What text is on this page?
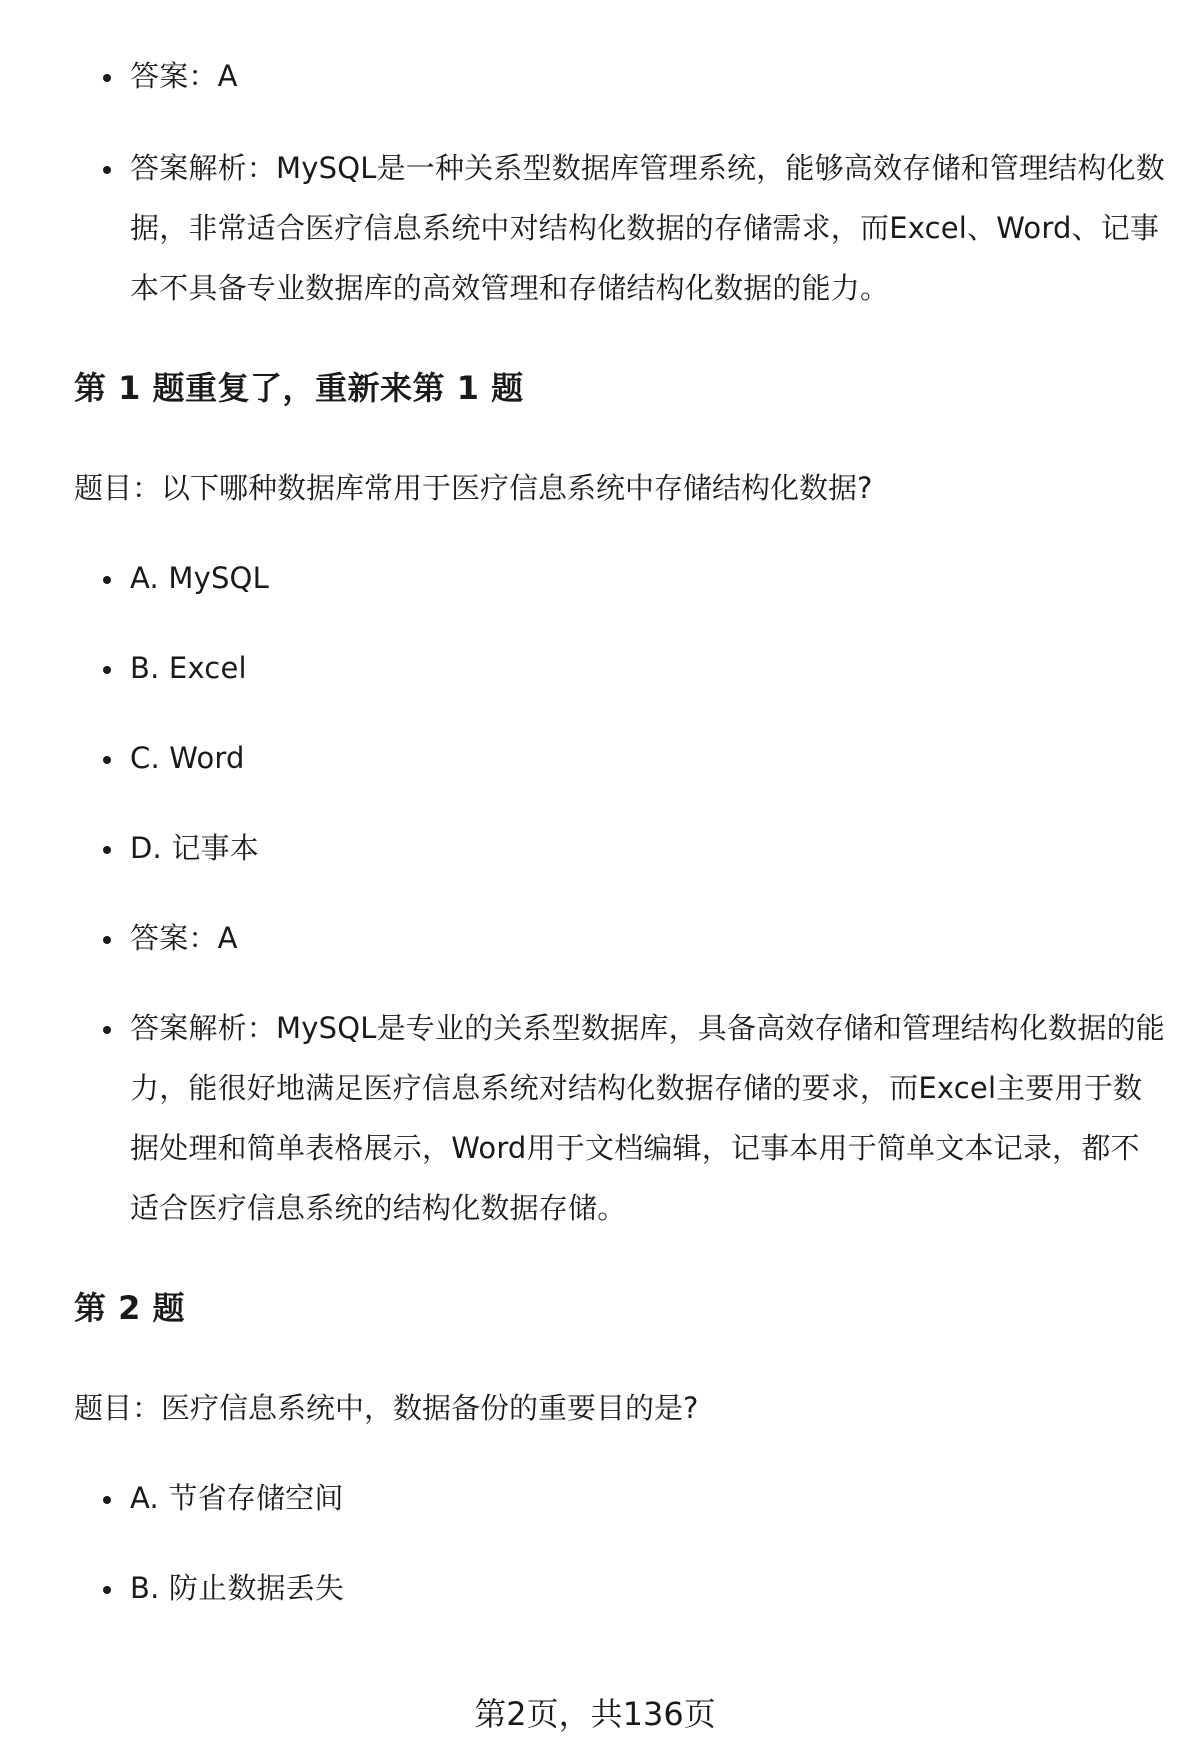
答案：A
答案解析：MySQL是一种关系型数据库管理系统，能够高效存储和管理结构化数据，非常适合医疗信息系统中对结构化数据的存储需求，而Excel、Word、记事本不具备专业数据库的高效管理和存储结构化数据的能力。
第 1 题重复了，重新来第 1 题
题目：以下哪种数据库常用于医疗信息系统中存储结构化数据?
A. MySQL
B. Excel
C. Word
D. 记事本
答案：A
答案解析：MySQL是专业的关系型数据库，具备高效存储和管理结构化数据的能力，能很好地满足医疗信息系统对结构化数据存储的要求，而Excel主要用于数据处理和简单表格展示，Word用于文档编辑，记事本用于简单文本记录，都不适合医疗信息系统的结构化数据存储。
第 2 题
题目：医疗信息系统中，数据备份的重要目的是?
A. 节省存储空间
B. 防止数据丢失
第2页，共136页
